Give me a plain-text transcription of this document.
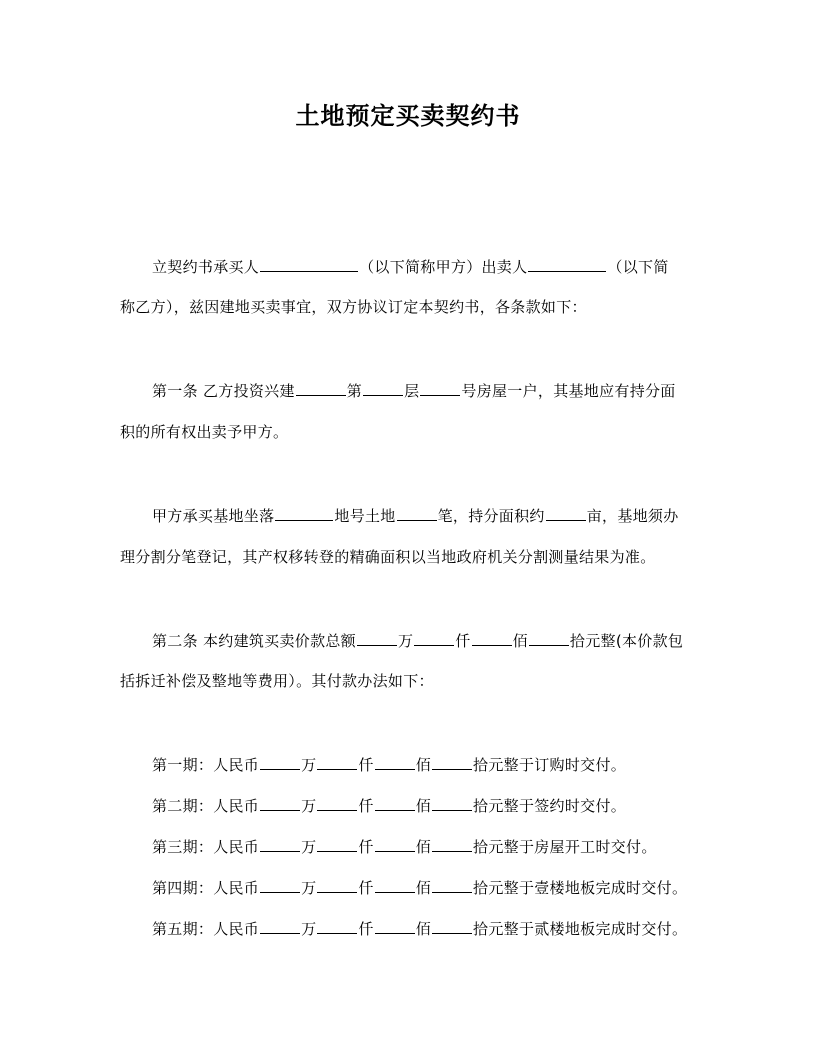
土地预定买卖契约书
立契约书承买人	（以下简称甲方）出卖人	（以下简
称乙方），兹因建地买卖事宜，双方协议订定本契约书，各条款如下：
第一条 乙方投资兴建	第	层	号房屋一户，其基地应有持分面
积的所有权出卖予甲方。
甲方承买基地坐落	地号土地	笔，持分面积约	亩，基地须办
理分割分笔登记，其产权移转登的精确面积以当地政府机关分割测量结果为准。
第二条 本约建筑买卖价款总额	万	仟	佰	拾元整(本价款包
括拆迁补偿及整地等费用）。其付款办法如下：
第一期：人民币	万	仟	佰	拾元整于订购时交付。
第二期：人民币	万	仟	佰	拾元整于签约时交付。
第三期：人民币	万	仟	佰	拾元整于房屋开工时交付。
第四期：人民币	万	仟	佰	拾元整于壹楼地板完成时交付。
第五期：人民币	万	仟	佰	拾元整于贰楼地板完成时交付。
